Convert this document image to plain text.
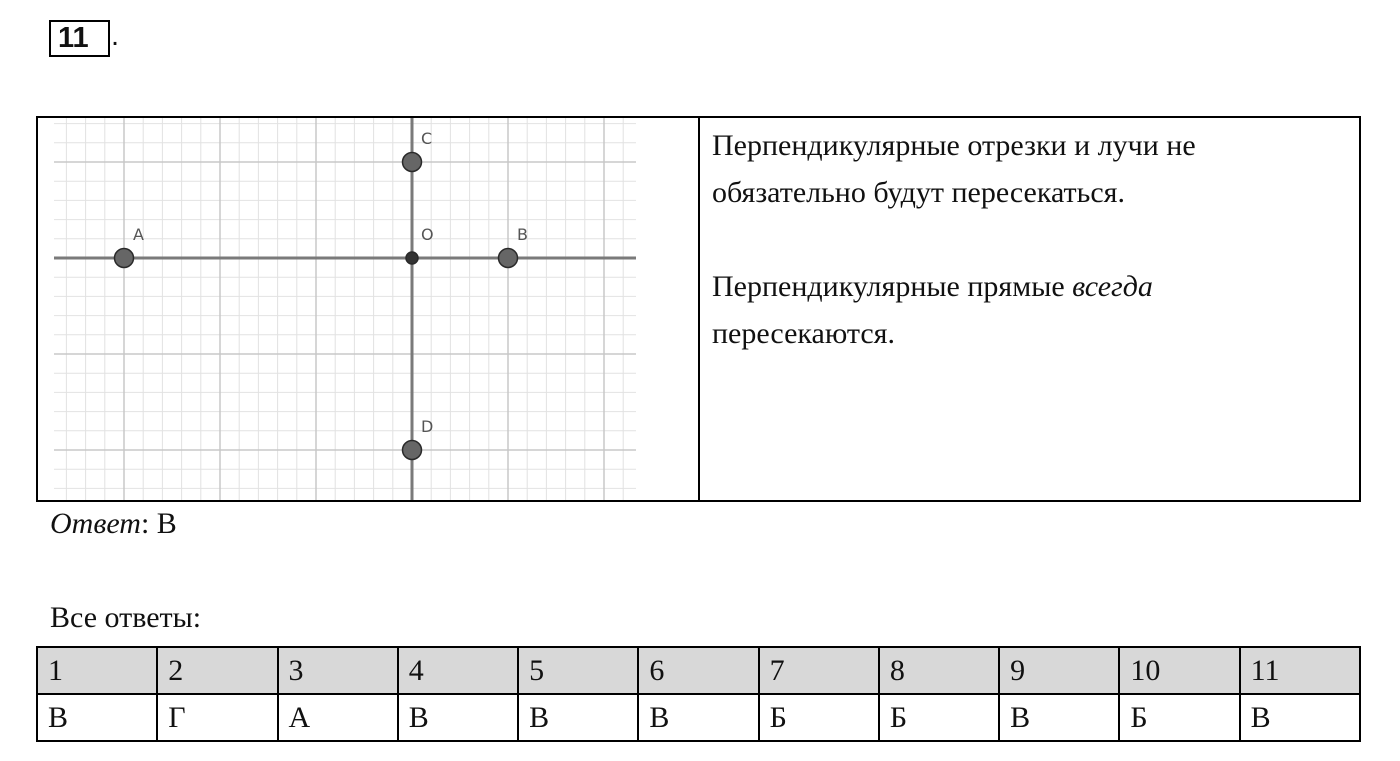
11 .
A	B
C
D
O

Перпендикулярные отрезки и лучи не обязательно будут пересекаться.

Перпендикулярные прямые всегда пересекаются.

Ответ: В
Все ответы:
1	2	3	4	5	6	7	8	9	10	11
В	Г	А	В	В	В	Б	Б	В	Б	В
